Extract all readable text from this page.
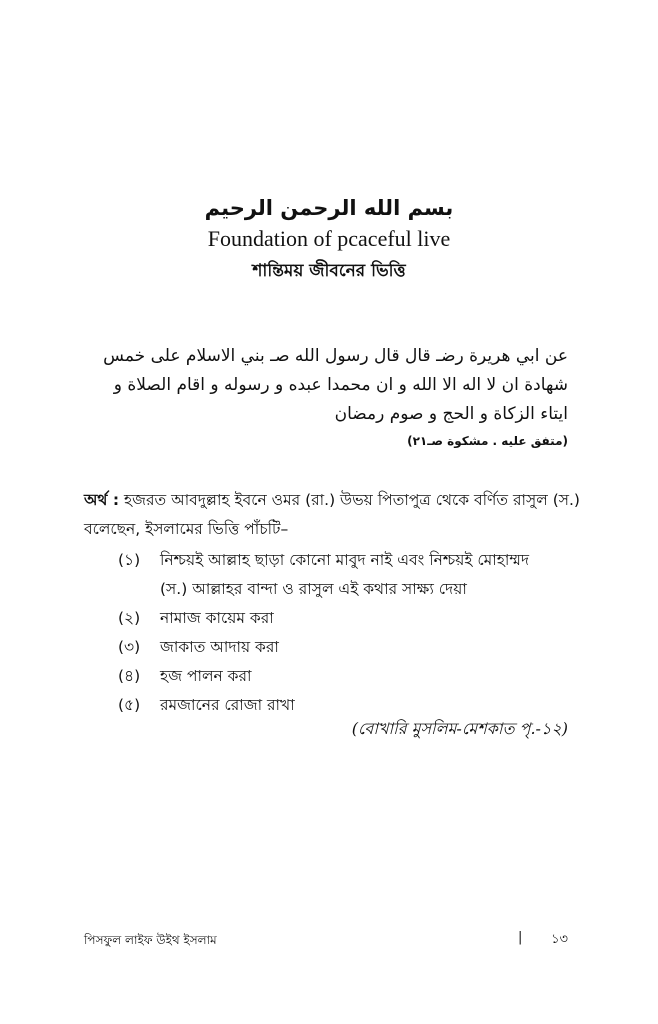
بسم الله الرحمن الرحيم
Foundation of pcaceful live
শান্তিময় জীবনের ভিত্তি
عن ابي هريرة رضـ قال قال رسول الله صـ بني الاسلام على خمس
شهادة ان لا اله الا الله و ان محمدا عبده و رسوله و اقام الصلاة و
ايتاء الزكاة و الحج و صوم رمضان
(متفق عليه . مشكوة صـ٢١)
অর্থ : হজরত আবদুল্লাহ ইবনে ওমর (রা.) উভয় পিতাপুত্র থেকে বর্ণিত রাসুল (স.) বলেছেন, ইসলামের ভিত্তি পাঁচটি–
(১)	নিশ্চয়ই আল্লাহ ছাড়া কোনো মাবুদ নাই এবং নিশ্চয়ই মোহাম্মদ
(স.) আল্লাহর বান্দা ও রাসুল এই কথার সাক্ষ্য দেয়া
(২)	নামাজ কায়েম করা
(৩)	জাকাত আদায় করা
(৪)	হজ পালন করা
(৫)	রমজানের রোজা রাখা
(বোখারি মুসলিম-মেশকাত পৃ.-১২)
পিসফুল লাইফ উইথ ইসলাম	| ১৩
